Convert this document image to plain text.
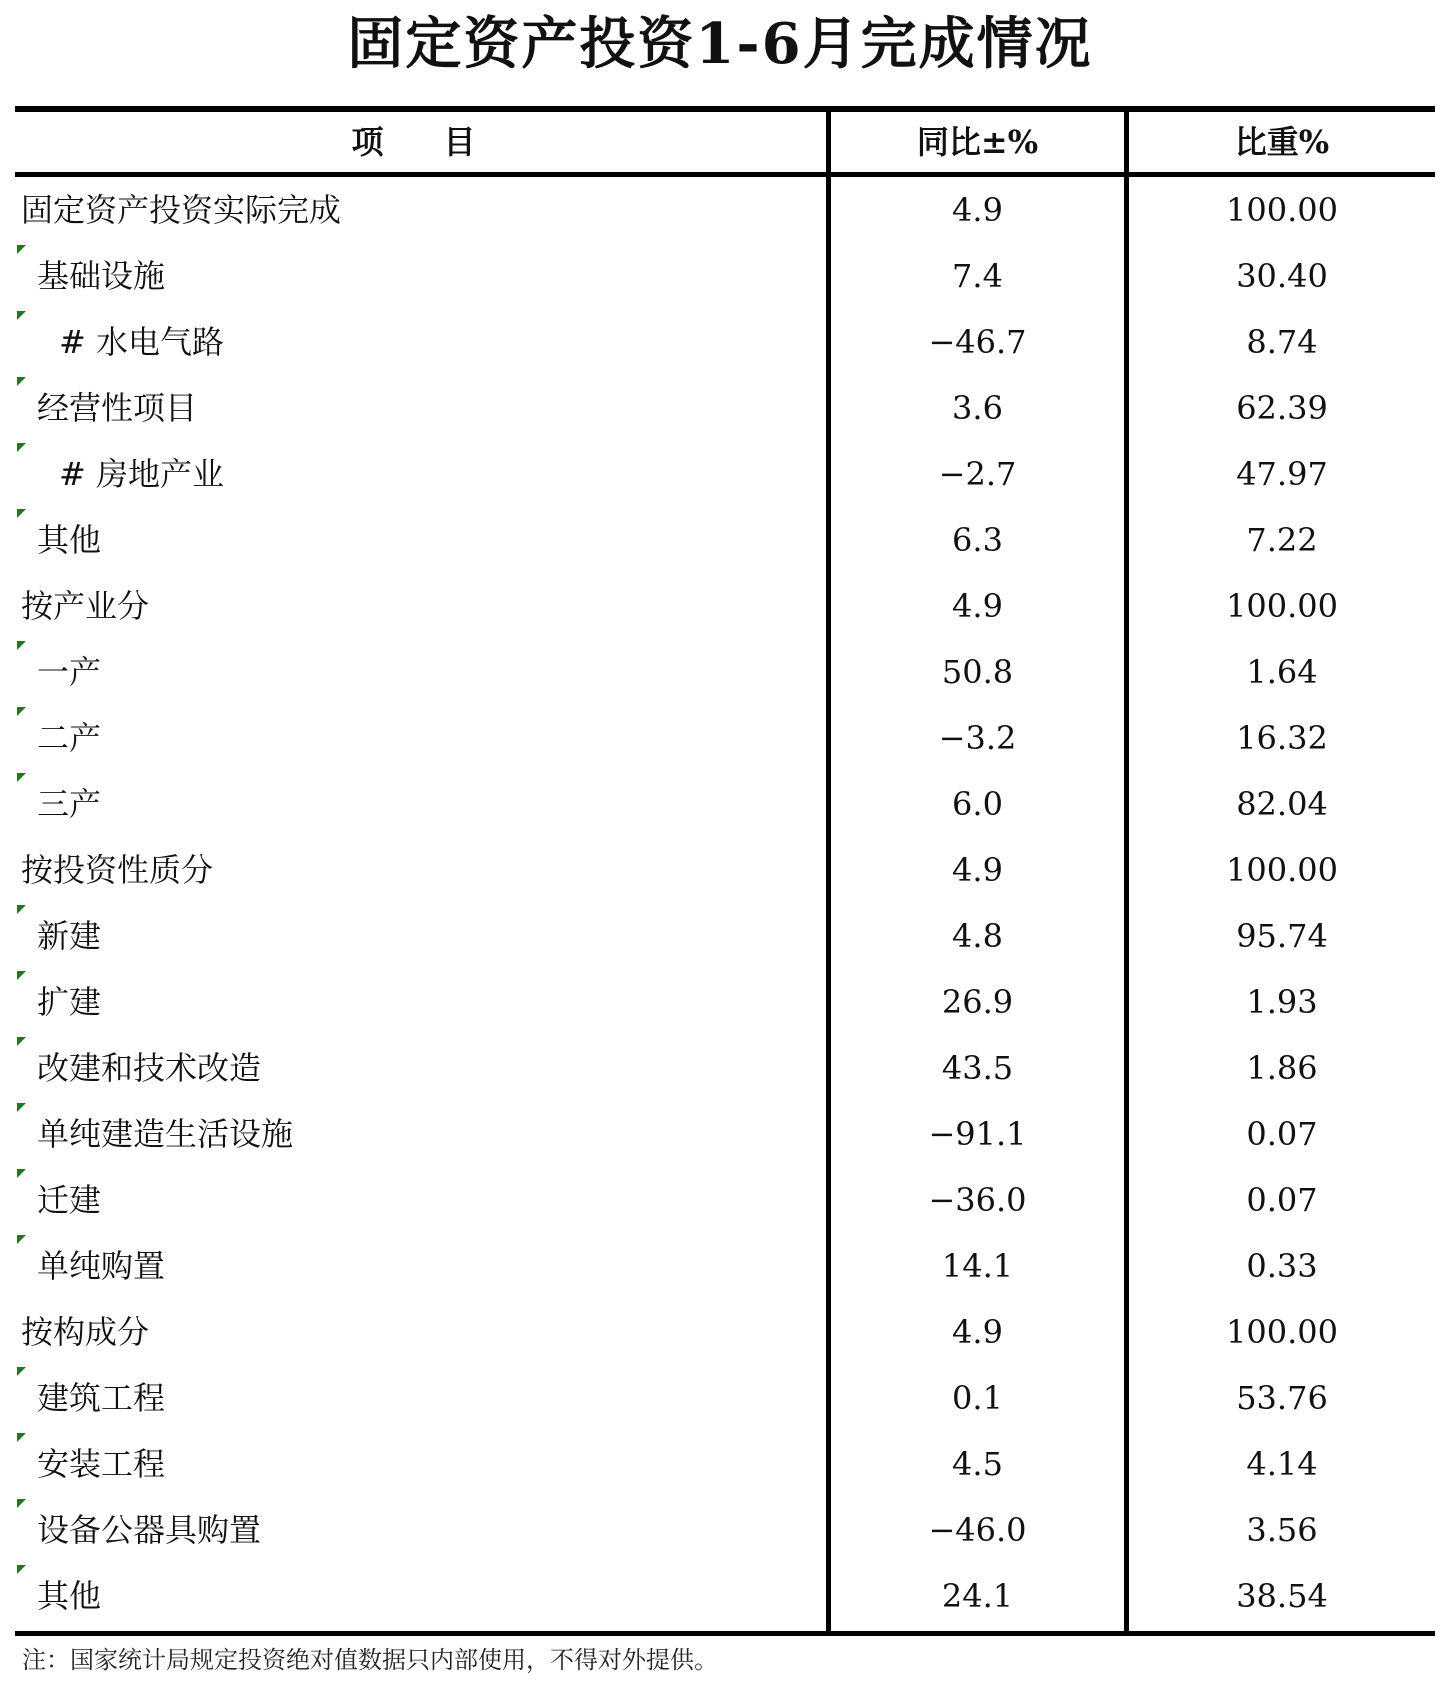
固定资产投资1-6月完成情况
项　目	同比±%	比重%
固定资产投资实际完成	4.9	100.00
基础设施	7.4	30.40
# 水电气路	−46.7	8.74
经营性项目	3.6	62.39
# 房地产业	−2.7	47.97
其他	6.3	7.22
按产业分	4.9	100.00
一产	50.8	1.64
二产	−3.2	16.32
三产	6.0	82.04
按投资性质分	4.9	100.00
新建	4.8	95.74
扩建	26.9	1.93
改建和技术改造	43.5	1.86
单纯建造生活设施	−91.1	0.07
迁建	−36.0	0.07
单纯购置	14.1	0.33
按构成分	4.9	100.00
建筑工程	0.1	53.76
安装工程	4.5	4.14
设备公器具购置	−46.0	3.56
其他	24.1	38.54
注：国家统计局规定投资绝对值数据只内部使用，不得对外提供。
